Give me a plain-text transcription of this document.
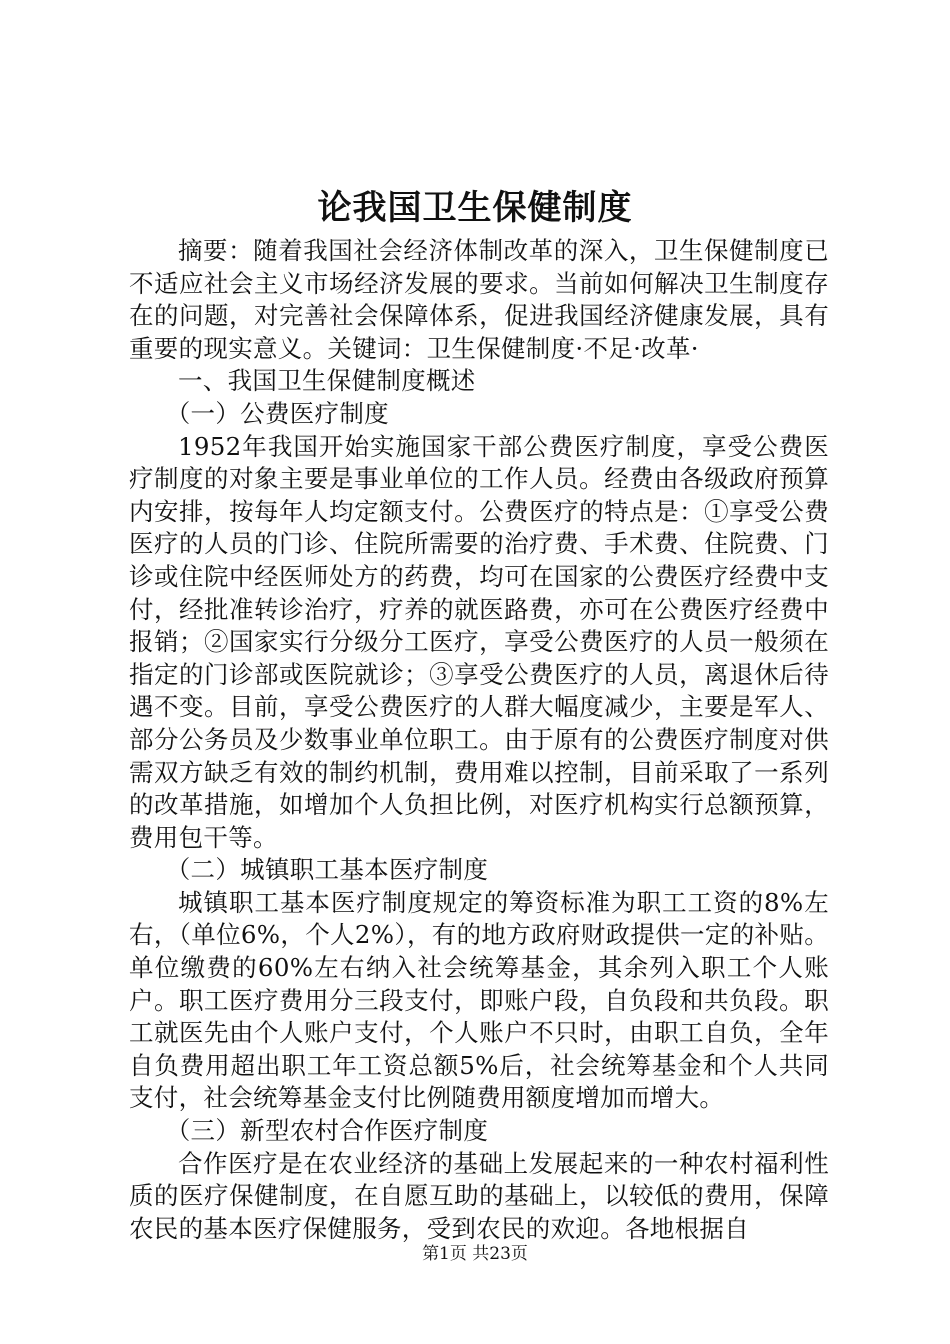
论我国卫生保健制度

摘要：随着我国社会经济体制改革的深入，卫生保健制度已不适应社会主义市场经济发展的要求。当前如何解决卫生制度存在的问题，对完善社会保障体系，促进我国经济健康发展，具有重要的现实意义。关键词：卫生保健制度·不足·改革·

一、我国卫生保健制度概述

（一）公费医疗制度

1952年我国开始实施国家干部公费医疗制度，享受公费医疗制度的对象主要是事业单位的工作人员。经费由各级政府预算内安排，按每年人均定额支付。公费医疗的特点是：①享受公费医疗的人员的门诊、住院所需要的治疗费、手术费、住院费、门诊或住院中经医师处方的药费，均可在国家的公费医疗经费中支付，经批准转诊治疗，疗养的就医路费，亦可在公费医疗经费中报销；②国家实行分级分工医疗，享受公费医疗的人员一般须在指定的门诊部或医院就诊；③享受公费医疗的人员，离退休后待遇不变。目前，享受公费医疗的人群大幅度减少，主要是军人、部分公务员及少数事业单位职工。由于原有的公费医疗制度对供需双方缺乏有效的制约机制，费用难以控制，目前采取了一系列的改革措施，如增加个人负担比例，对医疗机构实行总额预算，费用包干等。

（二）城镇职工基本医疗制度

城镇职工基本医疗制度规定的筹资标准为职工工资的8%左右，（单位6%，个人2%），有的地方政府财政提供一定的补贴。单位缴费的60%左右纳入社会统筹基金，其余列入职工个人账户。职工医疗费用分三段支付，即账户段，自负段和共负段。职工就医先由个人账户支付，个人账户不只时，由职工自负，全年自负费用超出职工年工资总额5%后，社会统筹基金和个人共同支付，社会统筹基金支付比例随费用额度增加而增大。

（三）新型农村合作医疗制度

合作医疗是在农业经济的基础上发展起来的一种农村福利性质的医疗保健制度，在自愿互助的基础上，以较低的费用，保障农民的基本医疗保健服务，受到农民的欢迎。各地根据自

第1页 共23页
